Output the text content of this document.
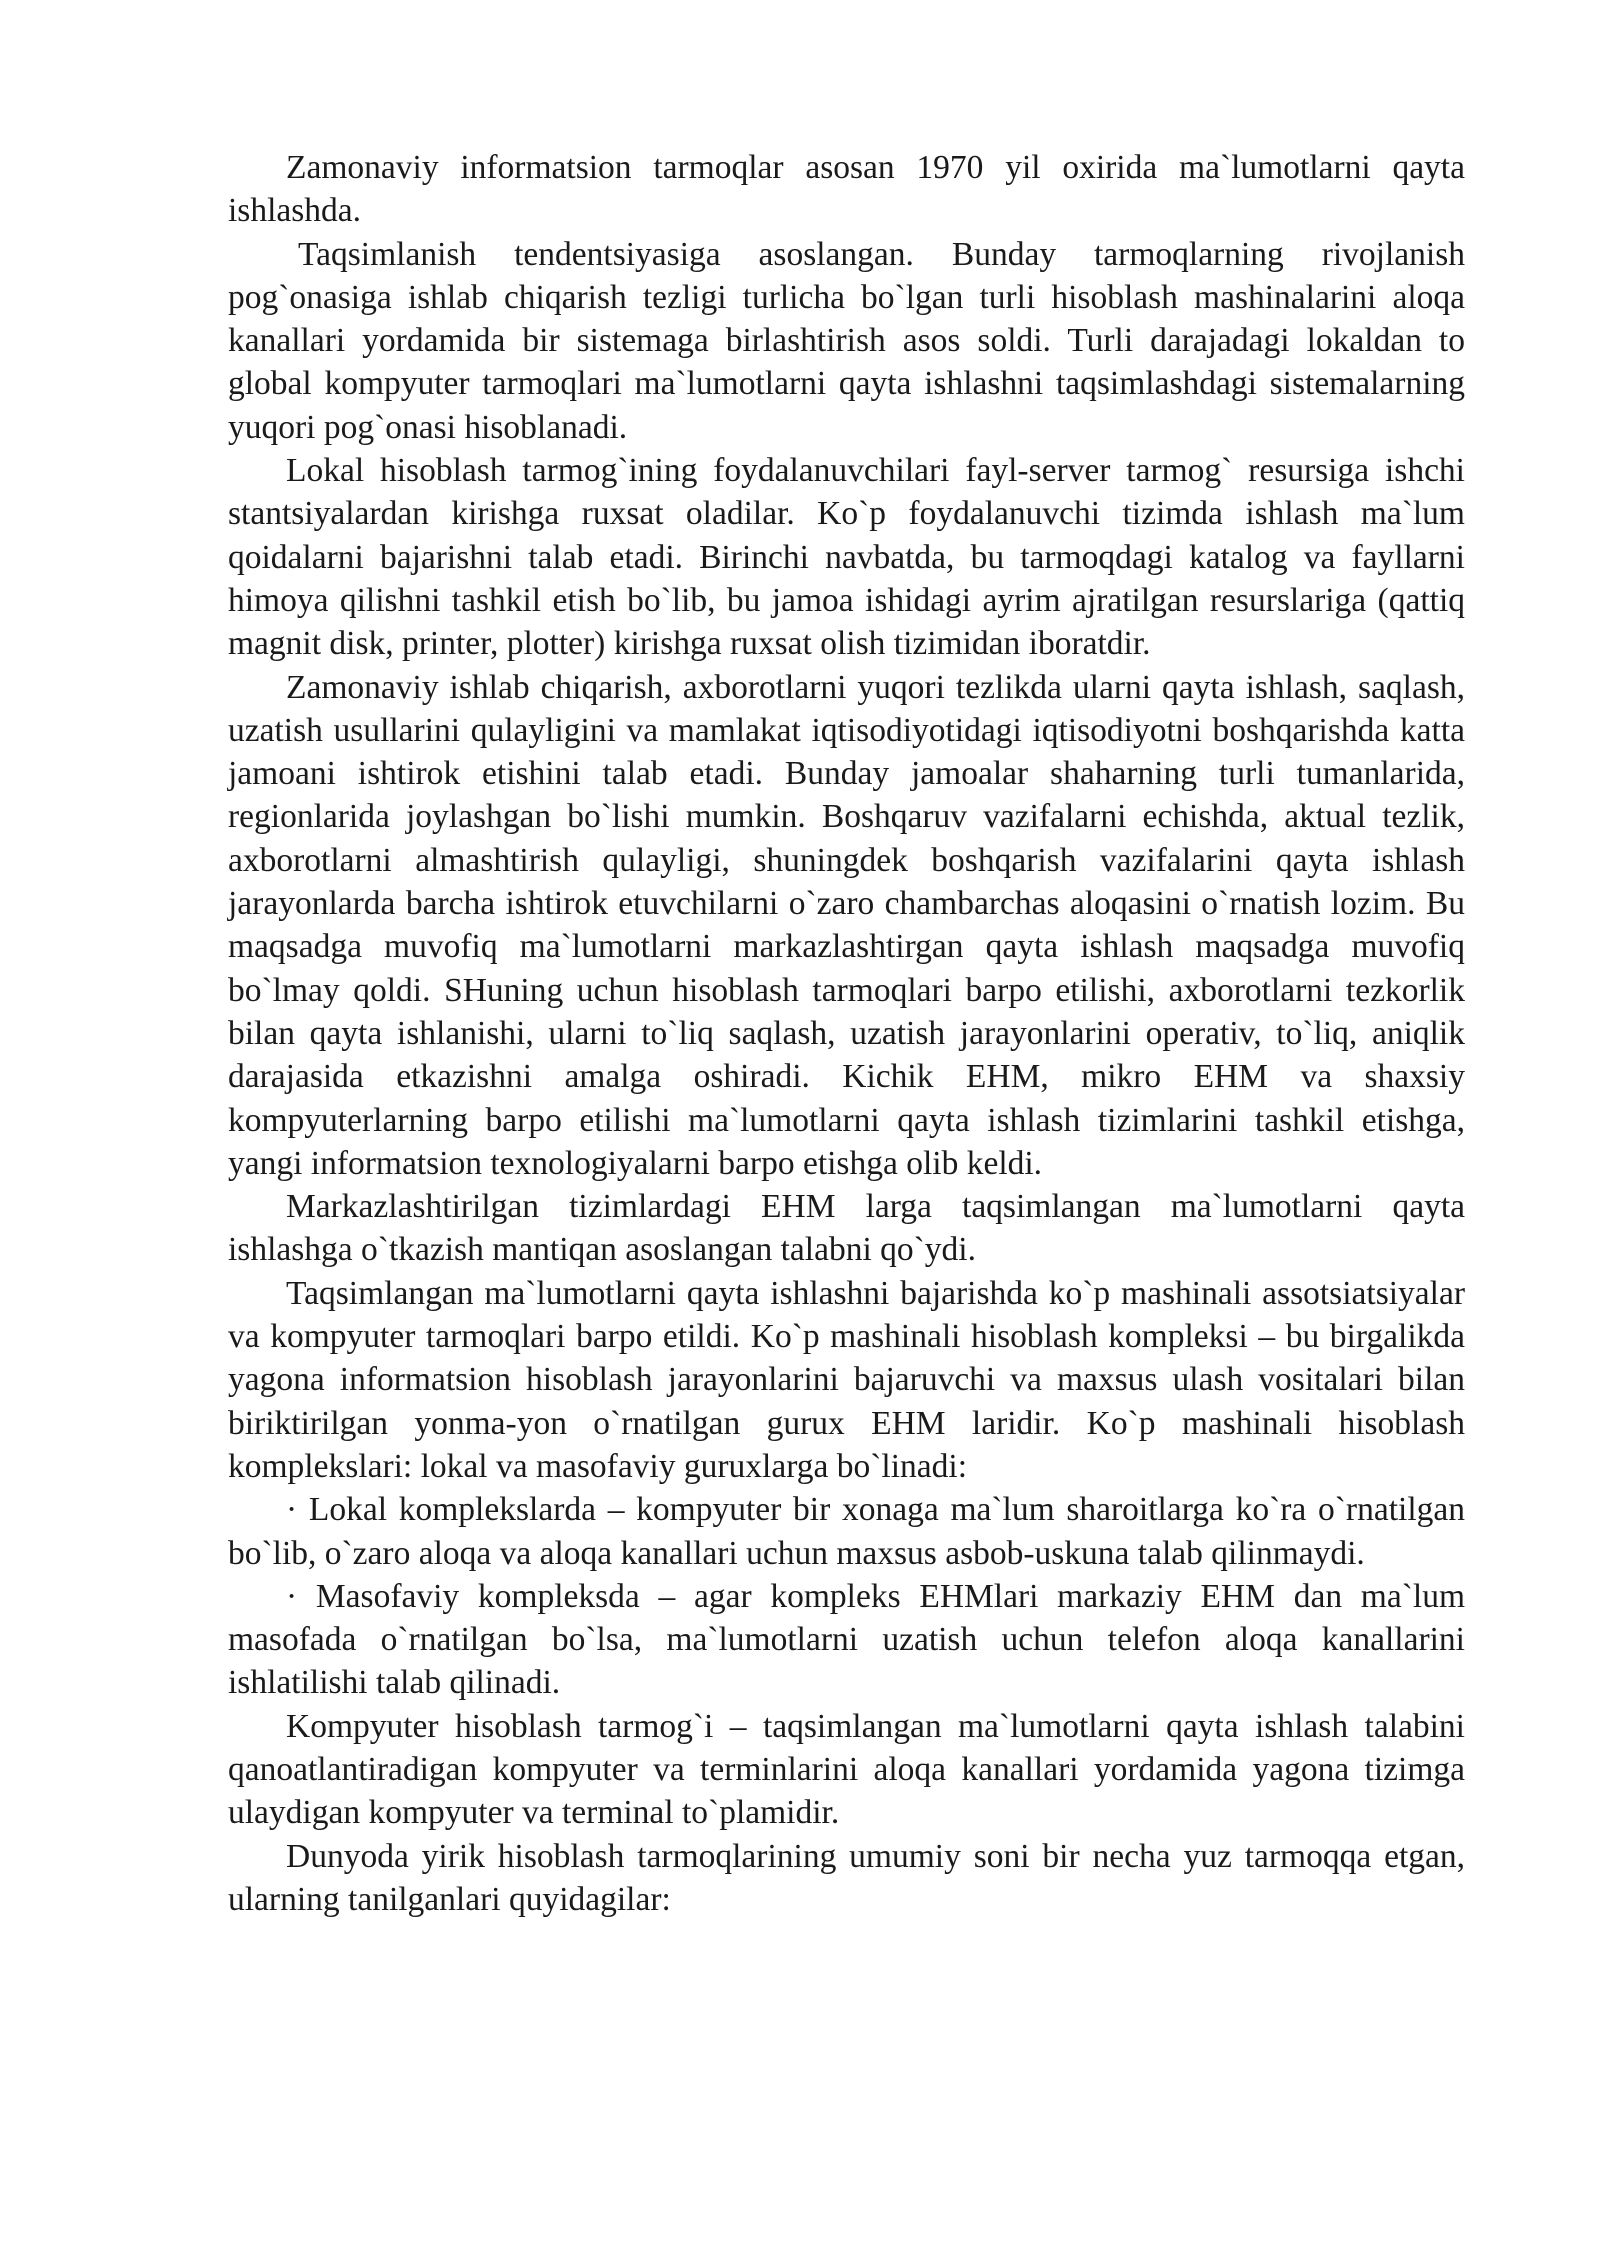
Zamonaviy informatsion tarmoqlar asosan 1970 yil oxirida ma`lumotlarni qayta ishlashda.

Taqsimlanish tendentsiyasiga asoslangan. Bunday tarmoqlarning rivojlanish pog`onasiga ishlab chiqarish tezligi turlicha bo`lgan turli hisoblash mashinalarini aloqa kanallari yordamida bir sistemaga birlashtirish asos soldi. Turli darajadagi lokaldan to global kompyuter tarmoqlari ma`lumotlarni qayta ishlashni taqsimlashdagi sistemalarning yuqori pog`onasi hisoblanadi.

Lokal hisoblash tarmog`ining foydalanuvchilari fayl-server tarmog` resursiga ishchi stantsiyalardan kirishga ruxsat oladilar. Ko`p foydalanuvchi tizimda ishlash ma`lum qoidalarni bajarishni talab etadi. Birinchi navbatda, bu tarmoqdagi katalog va fayllarni himoya qilishni tashkil etish bo`lib, bu jamoa ishidagi ayrim ajratilgan resurslariga (qattiq magnit disk, printer, plotter) kirishga ruxsat olish tizimidan iboratdir.

Zamonaviy ishlab chiqarish, axborotlarni yuqori tezlikda ularni qayta ishlash, saqlash, uzatish usullarini qulayligini va mamlakat iqtisodiyotidagi iqtisodiyotni boshqarishda katta jamoani ishtirok etishini talab etadi. Bunday jamoalar shaharning turli tumanlarida, regionlarida joylashgan bo`lishi mumkin. Boshqaruv vazifalarni echishda, aktual tezlik, axborotlarni almashtirish qulayligi, shuningdek boshqarish vazifalarini qayta ishlash jarayonlarda barcha ishtirok etuvchilarni o`zaro chambarchas aloqasini o`rnatish lozim. Bu maqsadga muvofiq ma`lumotlarni markazlashtirgan qayta ishlash maqsadga muvofiq bo`lmay qoldi. SHuning uchun hisoblash tarmoqlari barpo etilishi, axborotlarni tezkorlik bilan qayta ishlanishi, ularni to`liq saqlash, uzatish jarayonlarini operativ, to`liq, aniqlik darajasida etkazishni amalga oshiradi. Kichik EHM, mikro EHM va shaxsiy kompyuterlarning barpo etilishi ma`lumotlarni qayta ishlash tizimlarini tashkil etishga, yangi informatsion texnologiyalarni barpo etishga olib keldi.

Markazlashtirilgan tizimlardagi EHM larga taqsimlangan ma`lumotlarni qayta ishlashga o`tkazish mantiqan asoslangan talabni qo`ydi.

Taqsimlangan ma`lumotlarni qayta ishlashni bajarishda ko`p mashinali assotsiatsiyalar va kompyuter tarmoqlari barpo etildi. Ko`p mashinali hisoblash kompleksi – bu birgalikda yagona informatsion hisoblash jarayonlarini bajaruvchi va maxsus ulash vositalari bilan biriktirilgan yonma-yon o`rnatilgan gurux EHM laridir. Ko`p mashinali hisoblash komplekslari: lokal va masofaviy guruxlarga bo`linadi:

· Lokal komplekslarda – kompyuter bir xonaga ma`lum sharoitlarga ko`ra o`rnatilgan bo`lib, o`zaro aloqa va aloqa kanallari uchun maxsus asbob-uskuna talab qilinmaydi.

· Masofaviy kompleksda – agar kompleks EHMlari markaziy EHM dan ma`lum masofada o`rnatilgan bo`lsa, ma`lumotlarni uzatish uchun telefon aloqa kanallarini ishlatilishi talab qilinadi.

Kompyuter hisoblash tarmog`i – taqsimlangan ma`lumotlarni qayta ishlash talabini qanoatlantiradigan kompyuter va terminlarini aloqa kanallari yordamida yagona tizimga ulaydigan kompyuter va terminal to`plamidir.

Dunyoda yirik hisoblash tarmoqlarining umumiy soni bir necha yuz tarmoqqa etgan, ularning tanilganlari quyidagilar:
